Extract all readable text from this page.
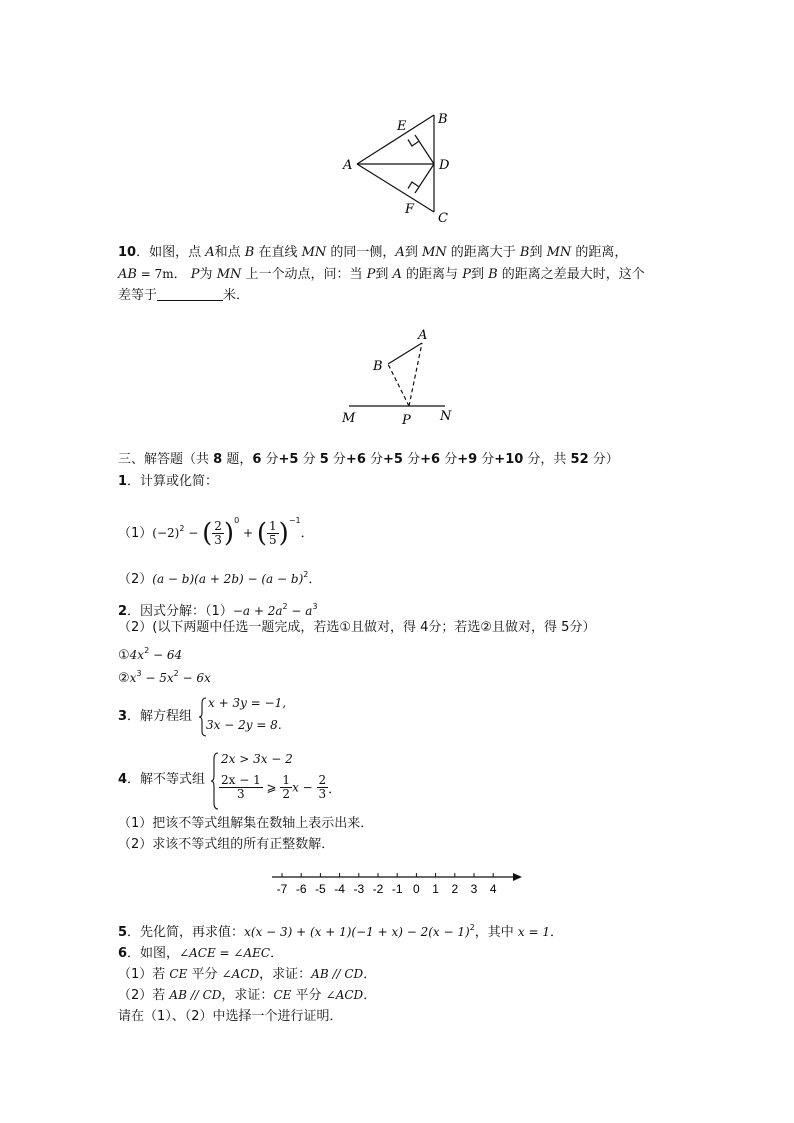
A
B
C
D
E
F
10．如图，点 A和点 B 在直线 MN 的同一侧，A到 MN 的距离大于 B到 MN 的距离，
AB = 7m． P为 MN 上一个动点，问：当 P到 A 的距离与 P到 B 的距离之差最大时，这个
差等于	米．
A
B
M	P N
三、解答题（共 8 题，6 分+5 分 5 分+6 分+5 分+6 分+9 分+10 分，共 52 分）
1．计算或化简：
$(1)(-2)^2$ − ( $\frac{2}{3} )^0$ + ( $\frac{1}{5} )^{-1}$．
$(2)(a - b)(a + 2b) - (a - b)^2$．
2．因式分解：$(1)-a + 2a^2 - a^3$
（2）(以下两题中任选一题完成，若选①且做对，得 4分；若选②且做对，得 5分）
$①4x^2 - 64$
$②x^3 - 5x^2 - 6x$
3．解方程组
x + 3y = −1,
3x − 2y = 8.
4．解不等式组
2x > 3x − 2
$\frac{2x - 1}{3}$ ⩾ $\frac{1}{2}$ $x - \frac{2}{3}$ ．
（1）把该不等式组解集在数轴上表示出来．
（2）求该不等式组的所有正整数解．
-7 -6 -5 -4 -3 -2 -1 0 1 2 3 4
5．先化简，再求值：$x(x - 3) + (x + 1)(-1 + x) - 2(x - 1)^2$，其中 x = 1．
6．如图，∠ACE = ∠AEC．
（1）若 CE 平分 ∠ACD，求证：AB // CD．
（2）若 AB // CD，求证：CE 平分 ∠ACD．
请在（1）、（2）中选择一个进行证明．
